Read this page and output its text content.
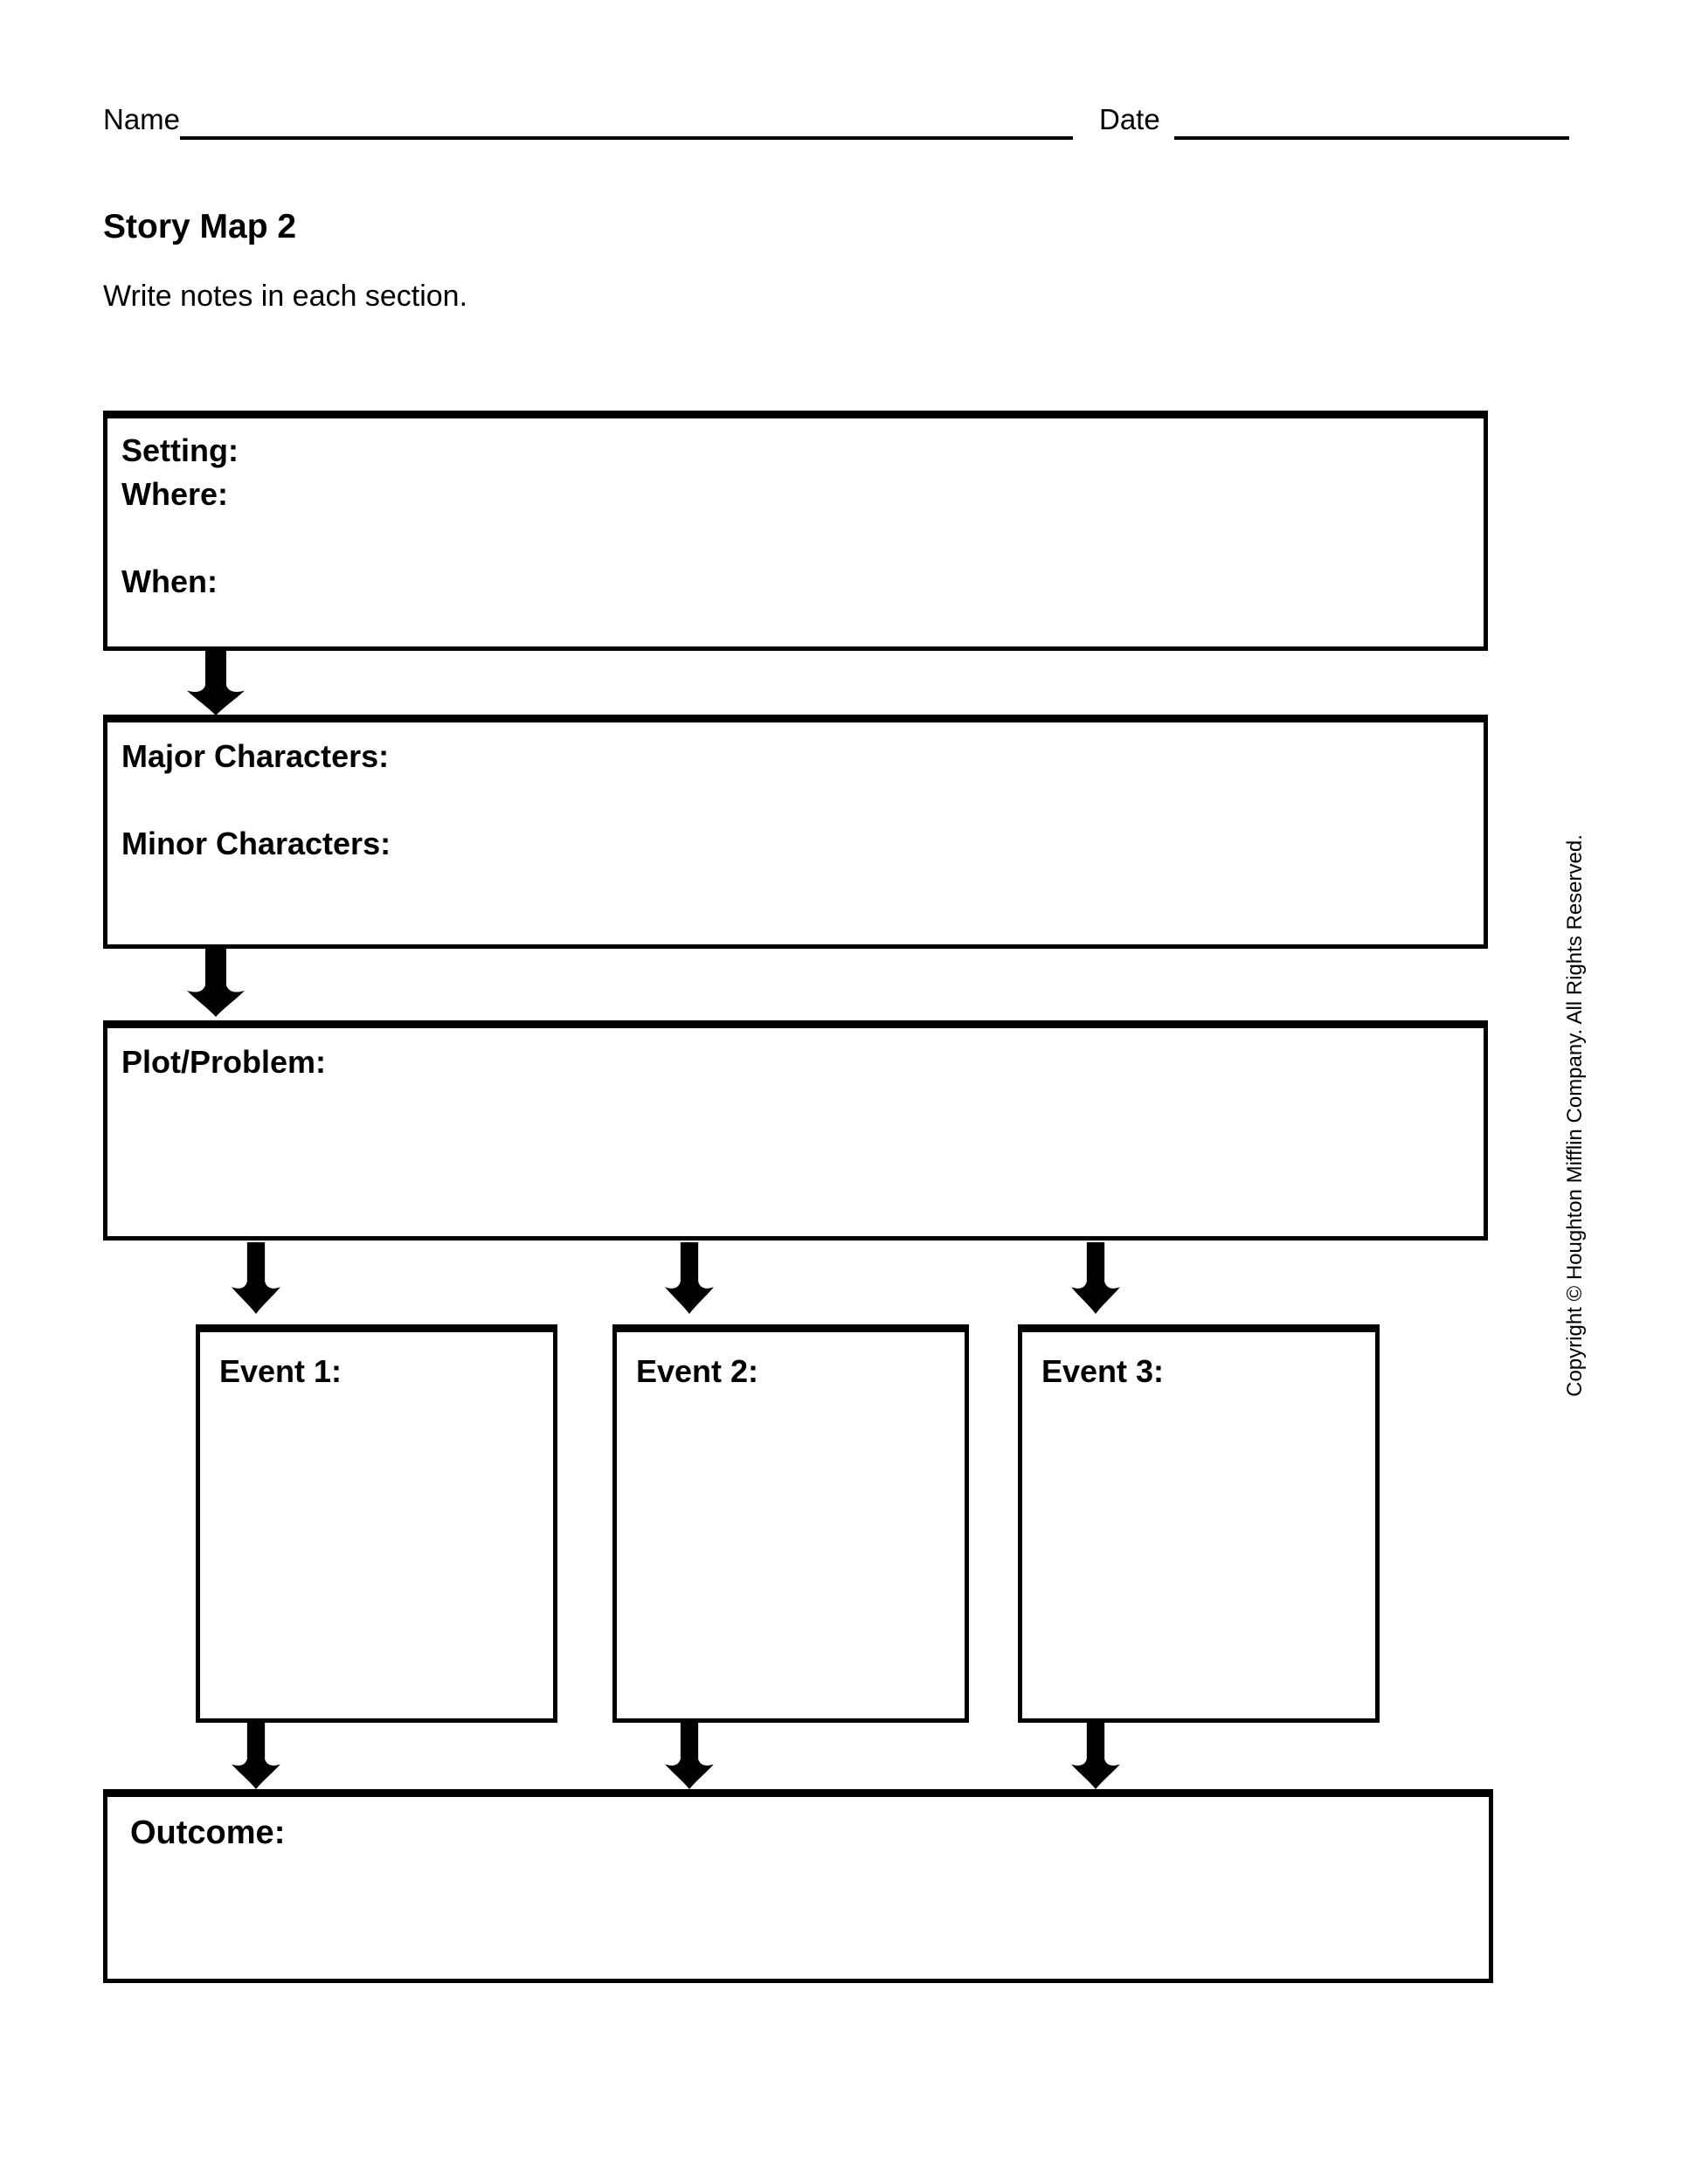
Name	Date
Story Map 2

Write notes in each section.

Setting:
Where:
When:
Major Characters:
Minor Characters:
Plot/Problem:
Event 1:	Event 2:	Event 3:
Outcome:
Copyright © Houghton Mifflin Company. All Rights Reserved.
